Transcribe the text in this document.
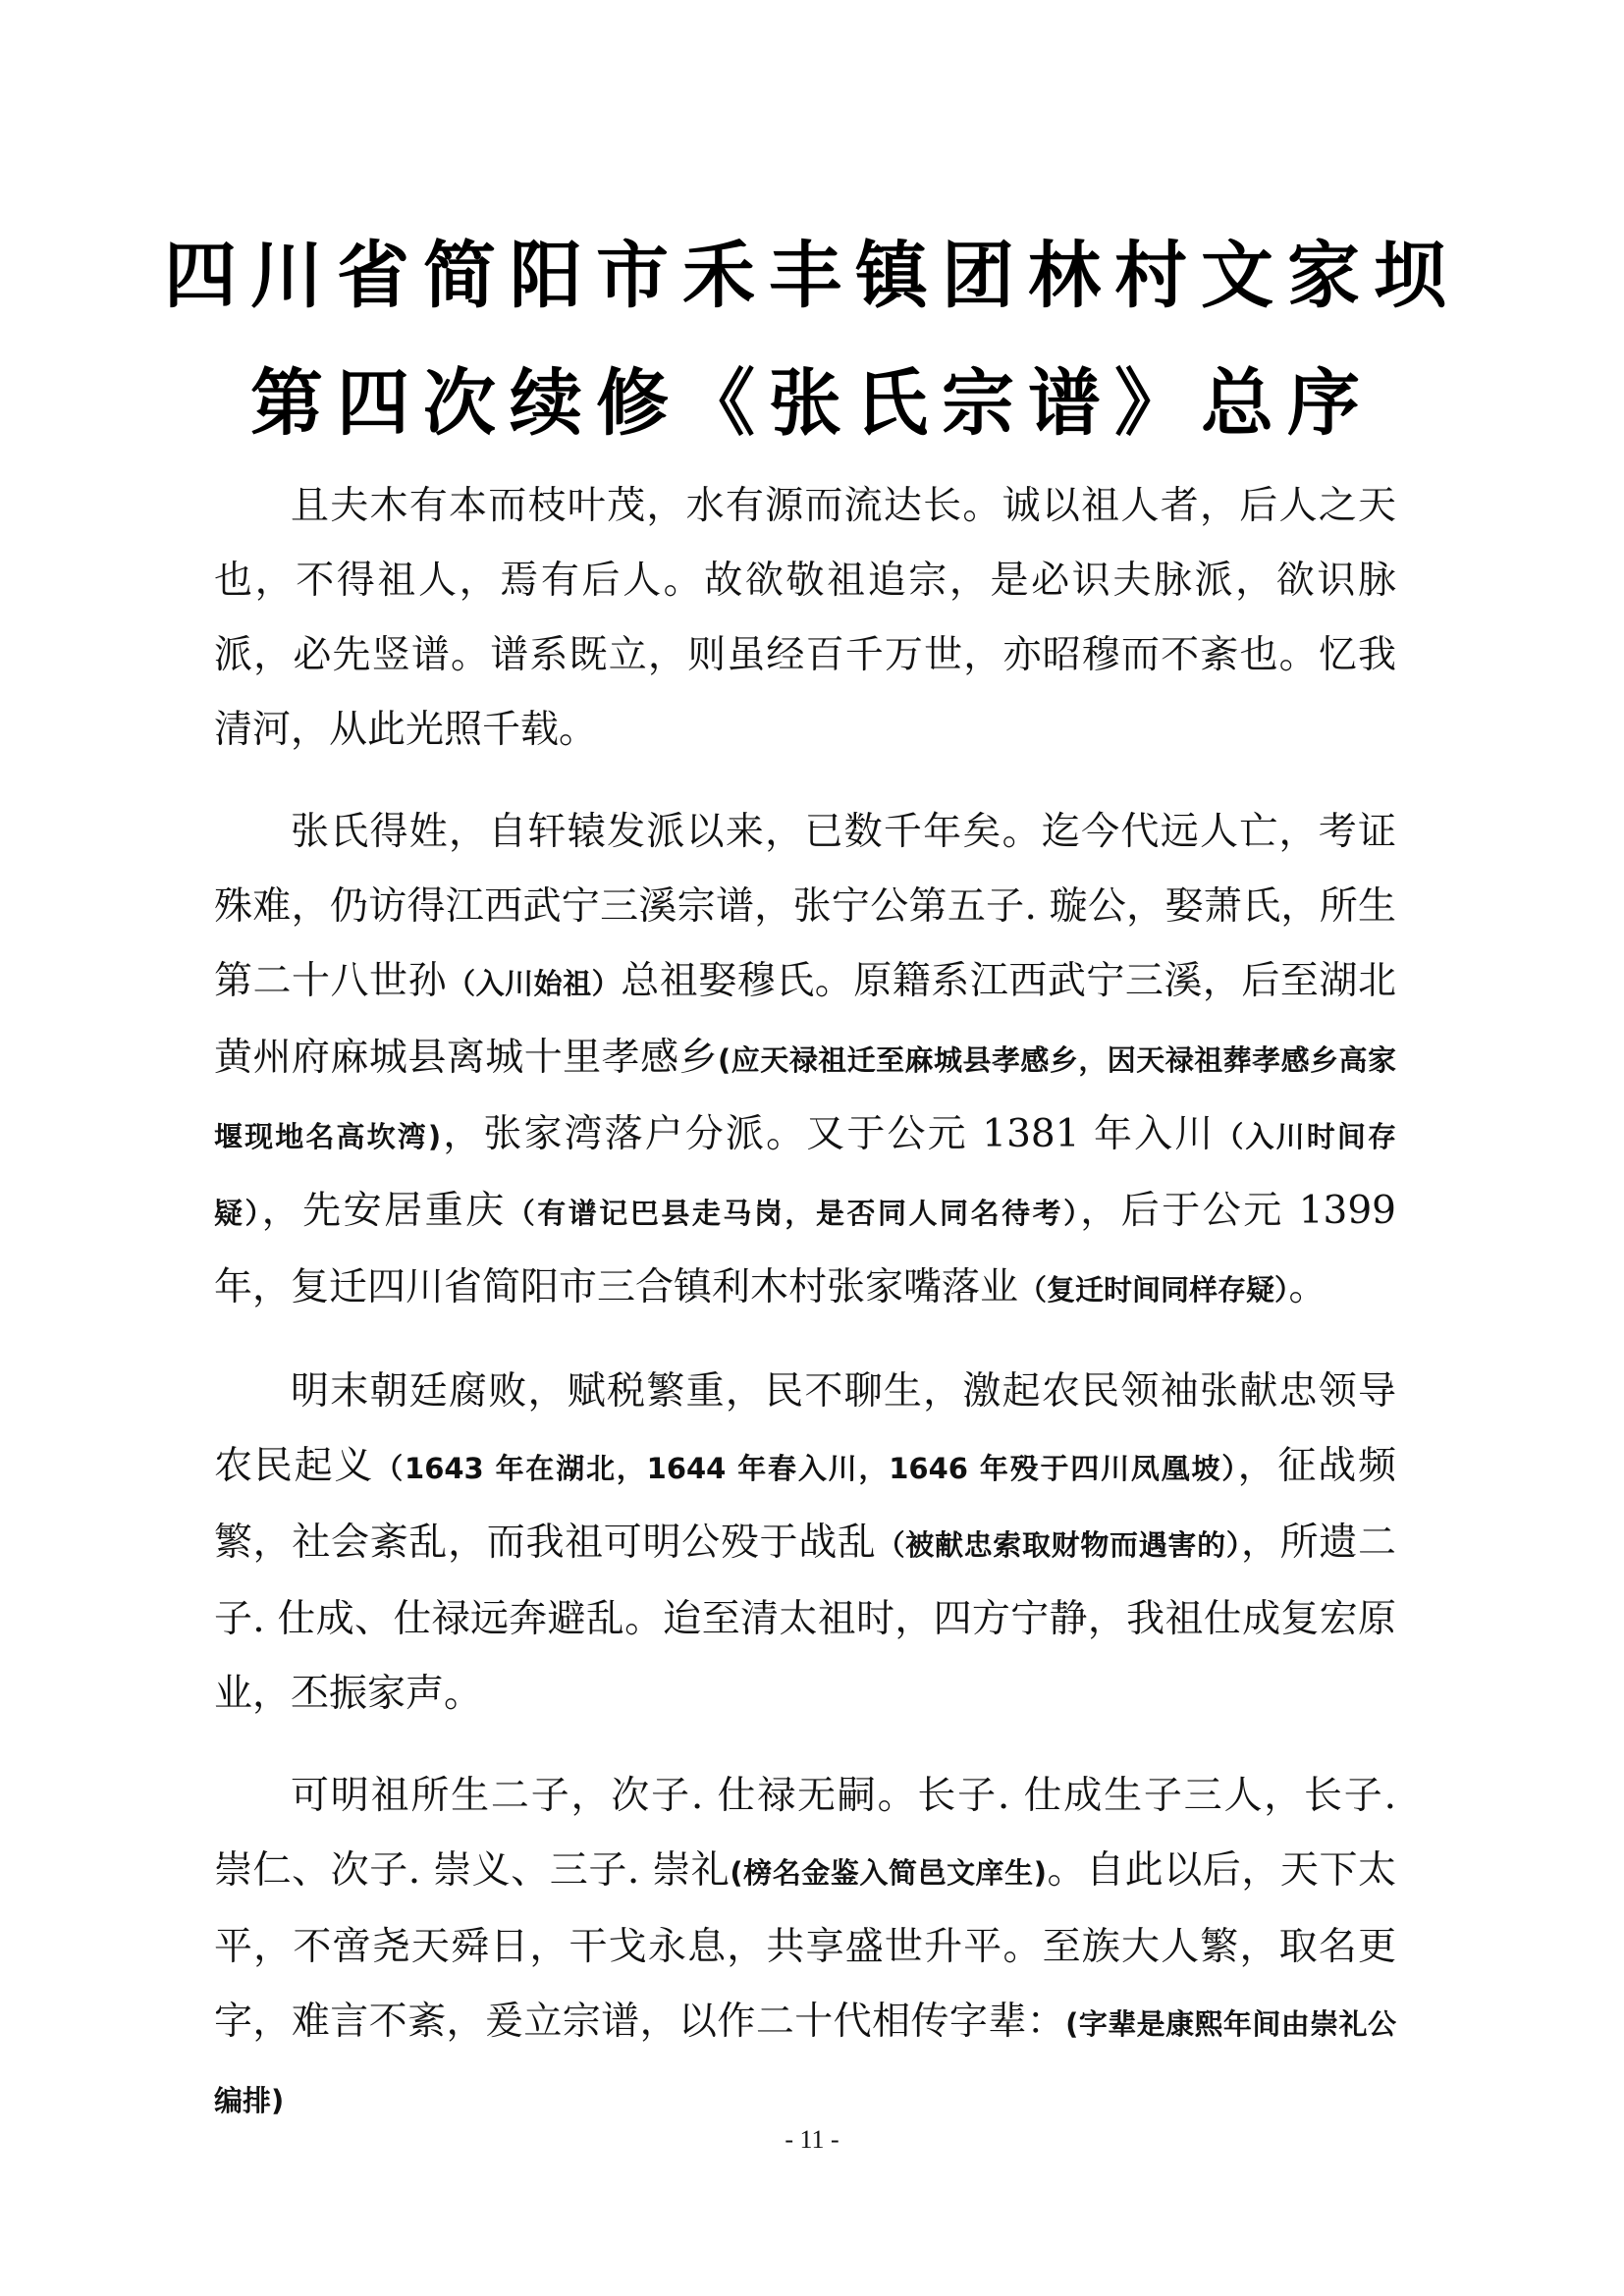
四川省简阳市禾丰镇团林村文家坝
第四次续修《张氏宗谱》总序

且夫木有本而枝叶茂，水有源而流达长。诚以祖人者，后人之天也，不得祖人，焉有后人。故欲敬祖追宗，是必识夫脉派，欲识脉派，必先竖谱。谱系既立，则虽经百千万世，亦昭穆而不紊也。忆我清河，从此光照千载。

张氏得姓，自轩辕发派以来，已数千年矣。迄今代远人亡，考证殊难，仍访得江西武宁三溪宗谱，张宁公第五子. 璇公，娶萧氏，所生第二十八世孙（入川始祖）总祖娶穆氏。原籍系江西武宁三溪，后至湖北黄州府麻城县离城十里孝感乡(应天禄祖迁至麻城县孝感乡，因天禄祖葬孝感乡高家堰现地名高坎湾)，张家湾落户分派。又于公元 1381 年入川（入川时间存疑），先安居重庆（有谱记巴县走马岗，是否同人同名待考），后于公元 1399 年，复迁四川省简阳市三合镇利木村张家嘴落业（复迁时间同样存疑）。

明末朝廷腐败，赋税繁重，民不聊生，激起农民领袖张献忠领导农民起义（1643 年在湖北，1644 年春入川，1646 年殁于四川凤凰坡），征战频繁，社会紊乱，而我祖可明公殁于战乱（被献忠索取财物而遇害的），所遗二子. 仕成、仕禄远奔避乱。迨至清太祖时，四方宁静，我祖仕成复宏原业，丕振家声。

可明祖所生二子，次子. 仕禄无嗣。长子. 仕成生子三人，长子. 崇仁、次子. 崇义、三子. 崇礼(榜名金鉴入简邑文庠生)。自此以后，天下太平，不啻尧天舜日，干戈永息，共享盛世升平。至族大人繁，取名更字，难言不紊，爰立宗谱，以作二十代相传字辈：(字辈是康熙年间由崇礼公编排)

- 11 -
